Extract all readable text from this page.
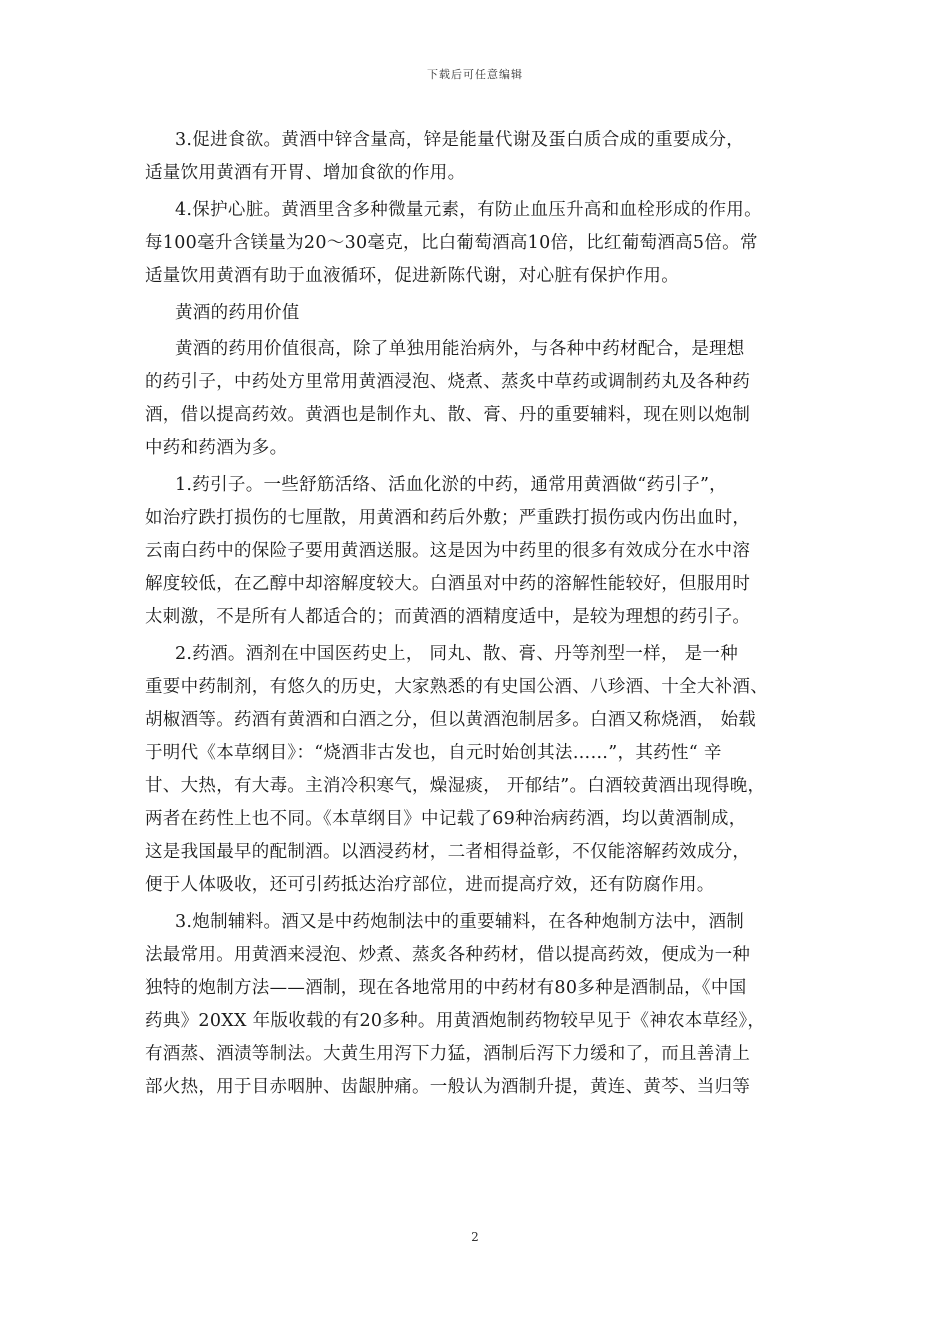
下载后可任意编辑
3.促进食欲。黄酒中锌含量高，锌是能量代谢及蛋白质合成的重要成分，
适量饮用黄酒有开胃、增加食欲的作用。
4.保护心脏。黄酒里含多种微量元素，有防止血压升高和血栓形成的作用。
每100毫升含镁量为20～30毫克，比白葡萄酒高10倍，比红葡萄酒高5倍。常
适量饮用黄酒有助于血液循环，促进新陈代谢，对心脏有保护作用。
黄酒的药用价值
黄酒的药用价值很高，除了单独用能治病外，与各种中药材配合，是理想
的药引子，中药处方里常用黄酒浸泡、烧煮、蒸炙中草药或调制药丸及各种药
酒，借以提高药效。黄酒也是制作丸、散、膏、丹的重要辅料，现在则以炮制
中药和药酒为多。
1.药引子。一些舒筋活络、活血化淤的中药，通常用黄酒做“药引子”，
如治疗跌打损伤的七厘散，用黄酒和药后外敷；严重跌打损伤或内伤出血时，
云南白药中的保险子要用黄酒送服。这是因为中药里的很多有效成分在水中溶
解度较低，在乙醇中却溶解度较大。白酒虽对中药的溶解性能较好，但服用时
太刺激，不是所有人都适合的；而黄酒的酒精度适中，是较为理想的药引子。
2.药酒。酒剂在中国医药史上， 同丸、散、膏、丹等剂型一样， 是一种
重要中药制剂，有悠久的历史，大家熟悉的有史国公酒、八珍酒、十全大补酒、
胡椒酒等。药酒有黄酒和白酒之分，但以黄酒泡制居多。白酒又称烧酒， 始载
于明代《本草纲目》：“烧酒非古发也，自元时始创其法……”，其药性“ 辛
甘、大热，有大毒。主消冷积寒气，燥湿痰， 开郁结”。白酒较黄酒出现得晚，
两者在药性上也不同。《本草纲目》中记载了69种治病药酒，均以黄酒制成，
这是我国最早的配制酒。以酒浸药材，二者相得益彰，不仅能溶解药效成分，
便于人体吸收，还可引药抵达治疗部位，进而提高疗效，还有防腐作用。
3.炮制辅料。酒又是中药炮制法中的重要辅料，在各种炮制方法中，酒制
法最常用。用黄酒来浸泡、炒煮、蒸炙各种药材，借以提高药效，便成为一种
独特的炮制方法——酒制，现在各地常用的中药材有80多种是酒制品，《中国
药典》20XX 年版收载的有20多种。用黄酒炮制药物较早见于《神农本草经》，
有酒蒸、酒渍等制法。大黄生用泻下力猛，酒制后泻下力缓和了，而且善清上
部火热，用于目赤咽肿、齿龈肿痛。一般认为酒制升提，黄连、黄芩、当归等
2
